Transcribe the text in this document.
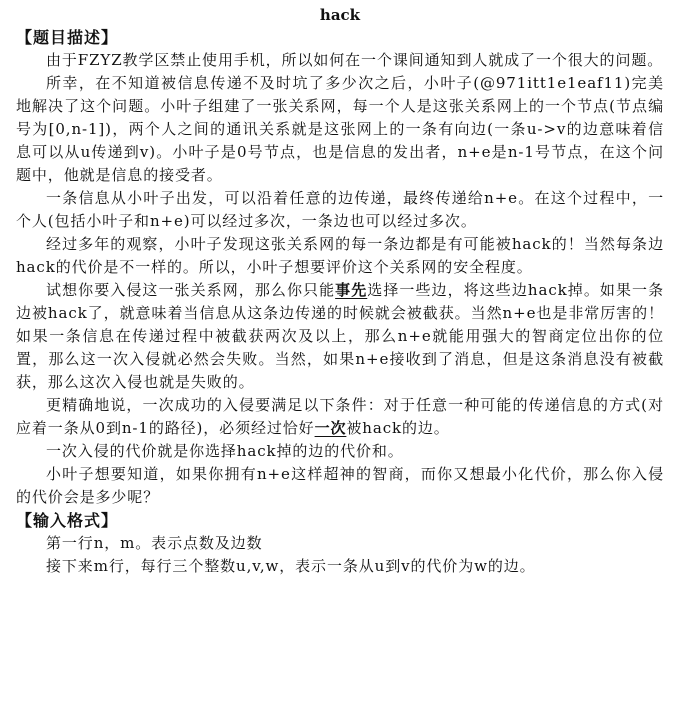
hack
【题目描述】

由于FZYZ教学区禁止使用手机，所以如何在一个课间通知到人就成了一个很大的问题。

所幸，在不知道被信息传递不及时坑了多少次之后，小叶子(@971itt1e1eaf11)完美地解决了这个问题。小叶子组建了一张关系网，每一个人是这张关系网上的一个节点(节点编号为[0,n-1])，两个人之间的通讯关系就是这张网上的一条有向边(一条u->v的边意味着信息可以从u传递到v)。小叶子是0号节点，也是信息的发出者，n+e是n-1号节点，在这个问题中，他就是信息的接受者。

一条信息从小叶子出发，可以沿着任意的边传递，最终传递给n+e。在这个过程中，一个人(包括小叶子和n+e)可以经过多次，一条边也可以经过多次。

经过多年的观察，小叶子发现这张关系网的每一条边都是有可能被hack的！当然每条边hack的代价是不一样的。所以，小叶子想要评价这个关系网的安全程度。

试想你要入侵这一张关系网，那么你只能事先选择一些边，将这些边hack掉。如果一条边被hack了，就意味着当信息从这条边传递的时候就会被截获。当然n+e也是非常厉害的！如果一条信息在传递过程中被截获两次及以上，那么n+e就能用强大的智商定位出你的位置，那么这一次入侵就必然会失败。当然，如果n+e接收到了消息，但是这条消息没有被截获，那么这次入侵也就是失败的。

更精确地说，一次成功的入侵要满足以下条件：对于任意一种可能的传递信息的方式(对应着一条从0到n-1的路径)，必须经过恰好一次被hack的边。

一次入侵的代价就是你选择hack掉的边的代价和。

小叶子想要知道，如果你拥有n+e这样超神的智商，而你又想最小化代价，那么你入侵的代价会是多少呢？

【输入格式】

第一行n，m。表示点数及边数

接下来m行，每行三个整数u,v,w，表示一条从u到v的代价为w的边。
